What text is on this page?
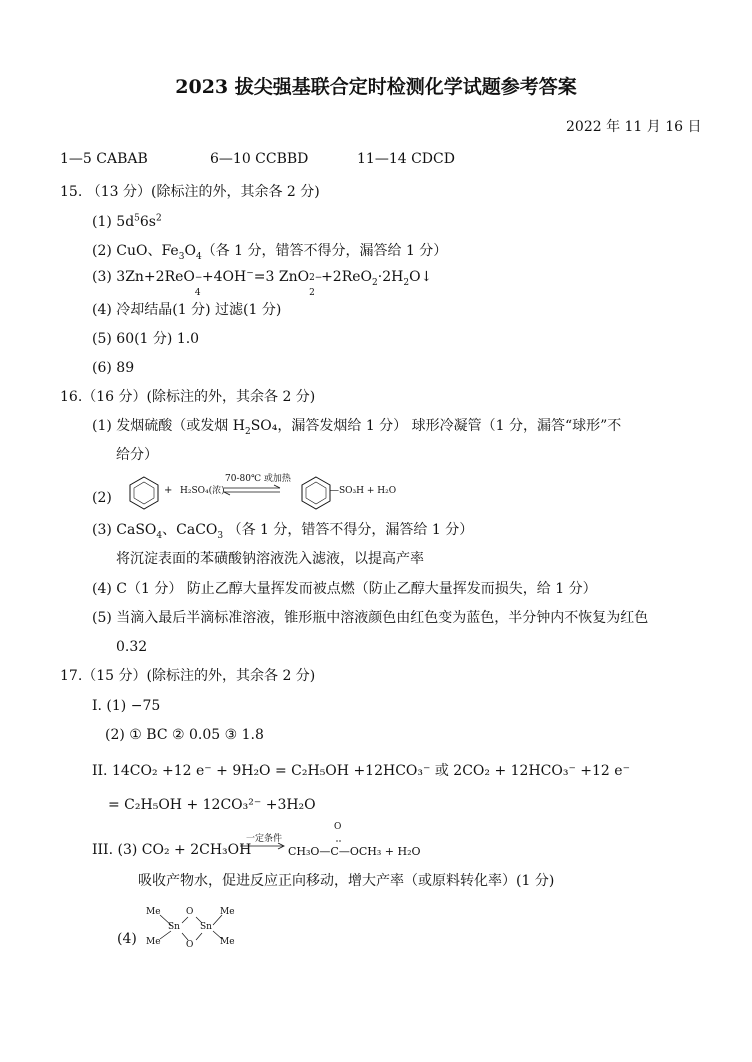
2023 拔尖强基联合定时检测化学试题参考答案
2022 年 11 月 16 日
1—5 CABAB	6—10 CCBBD	11—14 CDCD
15. （13 分）(除标注的外，其余各 2 分)
(1) $5d^56s^2$
(2) CuO、$Fe_3O_4$（各 1 分，错答不得分，漏答给 1 分）
(3) 3Zn+2ReO −
4
+4OH−=3 ZnO 2−
2
$+2ReO_2\cdot 2H_2O↓$
(4) 冷却结晶(1 分) 过滤(1 分)
(5) 60(1 分) 1.0
(6) 89
16.（16 分）(除标注的外，其余各 2 分)
(1) 发烟硫酸（或发烟 $H_2SO_4$，漏答发烟给 1 分） 球形冷凝管（1 分，漏答“球形”不
给分）
(2)	+ H₂SO₄(浓)
70-80℃ 或加热
—SO₃H + H₂O
(3) CaSO$_4$、CaCO$_3$ （各 1 分，错答不得分，漏答给 1 分）
将沉淀表面的苯磺酸钠溶液洗入滤液，以提高产率
(4) C（1 分） 防止乙醇大量挥发而被点燃（防止乙醇大量挥发而损失，给 1 分）
(5) 当滴入最后半滴标准溶液，锥形瓶中溶液颜色由红色变为蓝色，半分钟内不恢复为红色
0.32
17.（15 分）(除标注的外，其余各 2 分)
I. (1) −75
(2) ① BC ② 0.05 ③ 1.8
II. 14CO₂ +12 e⁻ + 9H₂O = C₂H₅OH +12HCO₃⁻ 或 2CO₂ + 12HCO₃⁻ +12 e⁻
= C₂H₅OH + 12CO₃²⁻ +3H₂O
III. (3) CO₂ + 2CH₃OH
一定条件
O
CH₃O—C—OCH₃ + H₂O
吸收产物水，促进反应正向移动，增大产率（或原料转化率）(1 分)
(4)
Me
Me
Me
Me
Sn Sn
O
O
